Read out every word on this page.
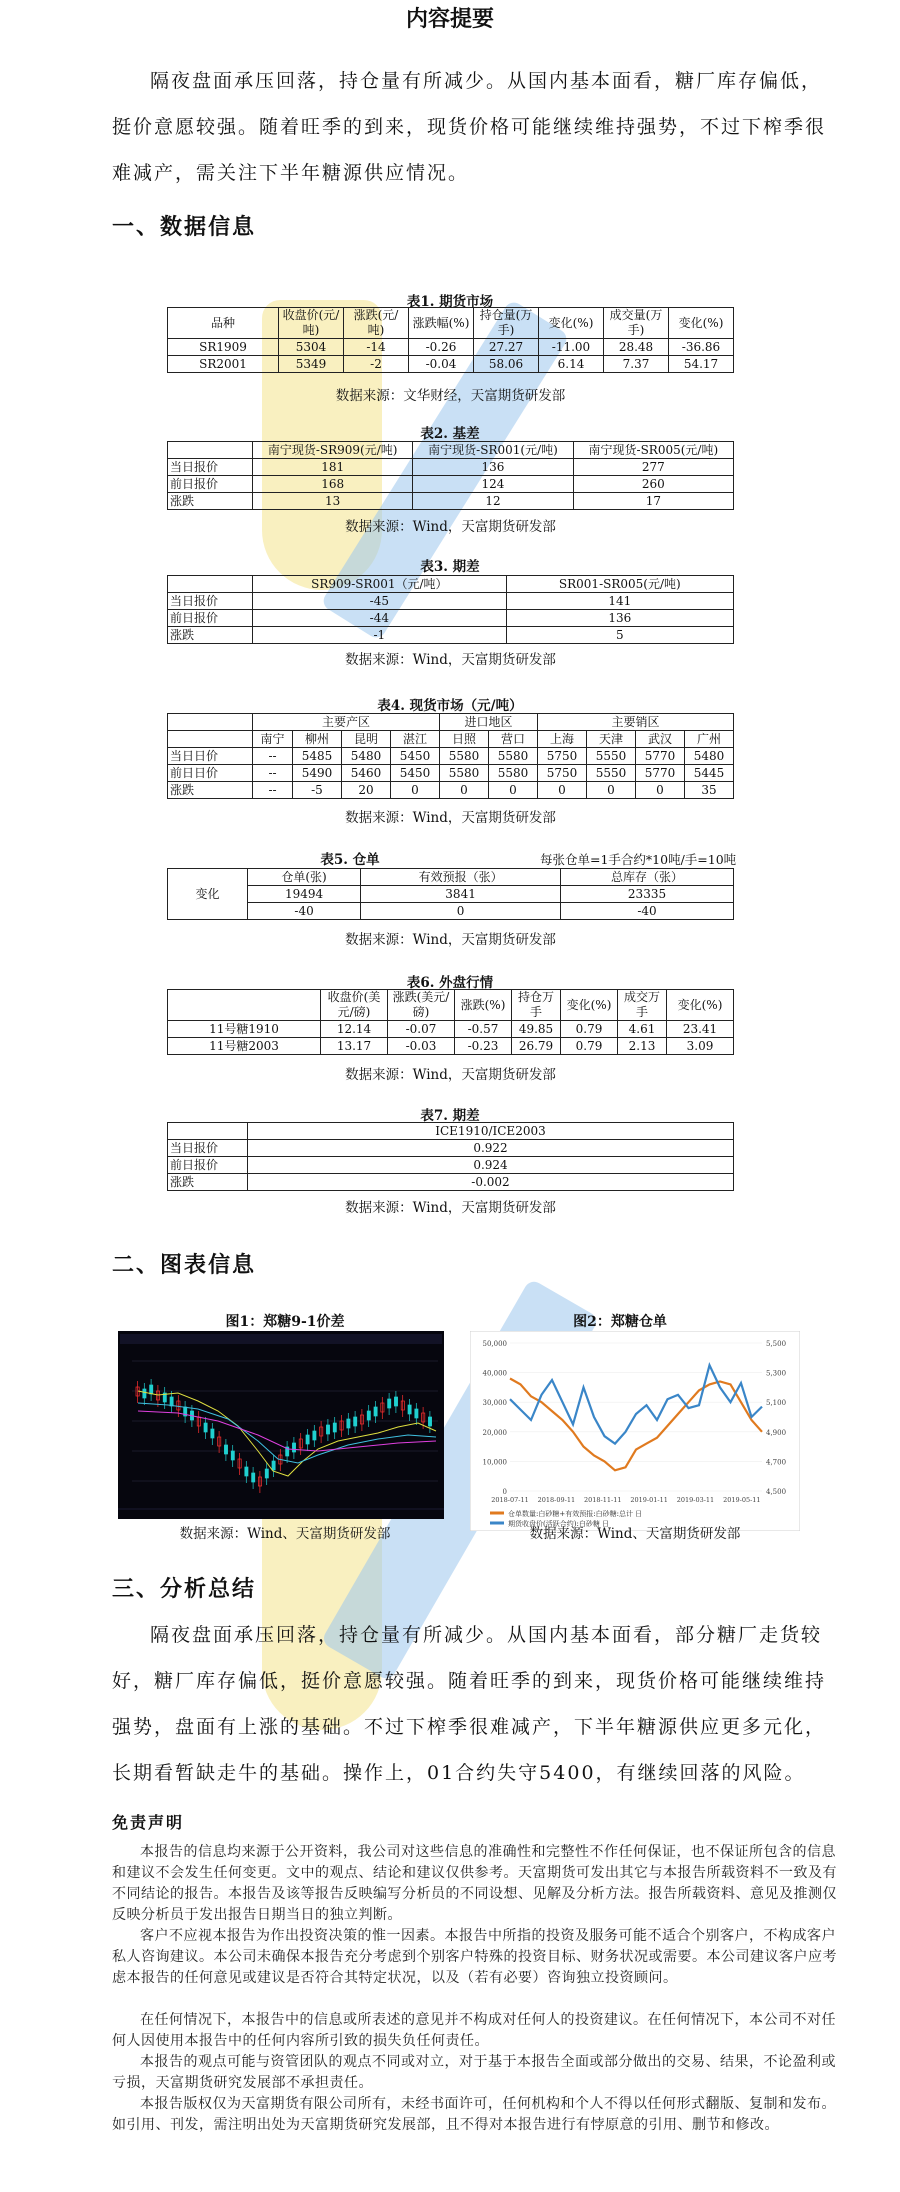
内容提要
隔夜盘面承压回落，持仓量有所减少。从国内基本面看，糖厂库存偏低，挺价意愿较强。随着旺季的到来，现货价格可能继续维持强势，不过下榨季很难减产，需关注下半年糖源供应情况。
一、数据信息
表1. 期货市场
品种	收盘价(元/吨)	涨跌(元/吨)	涨跌幅(%)	持仓量(万手)	变化(%)	成交量(万手)	变化(%)
SR1909	5304	-14	-0.26	27.27	-11.00	28.48	-36.86
SR2001	5349	-2	-0.04	58.06	6.14	7.37	54.17
数据来源：文华财经，天富期货研发部
表2. 基差
	南宁现货-SR909(元/吨)	南宁现货-SR001(元/吨)	南宁现货-SR005(元/吨)
当日报价	181	136	277
前日报价	168	124	260
涨跌	13	12	17
数据来源：Wind，天富期货研发部
表3. 期差
	SR909-SR001（元/吨）	SR001-SR005(元/吨)
当日报价	-45	141
前日报价	-44	136
涨跌	-1	5
数据来源：Wind，天富期货研发部
表4. 现货市场（元/吨）
	主要产区				进口地区		主要销区			
	南宁	柳州	昆明	湛江	日照	营口	上海	天津	武汉	广州
当日日价	--	5485	5480	5450	5580	5580	5750	5550	5770	5480
前日日价	--	5490	5460	5450	5580	5580	5750	5550	5770	5445
涨跌	--	-5	20	0	0	0	0	0	0	35
数据来源：Wind，天富期货研发部
表5. 仓单	每张仓单=1手合约*10吨/手=10吨
变化	仓单(张)	有效预报（张）	总库存（张）
	19494	3841	23335
	-40	0	-40
数据来源：Wind，天富期货研发部
表6. 外盘行情
	收盘价(美元/磅)	涨跌(美元/磅)	涨跌(%)	持仓万手	变化(%)	成交万手	变化(%)
11号糖1910	12.14	-0.07	-0.57	49.85	0.79	4.61	23.41
11号糖2003	13.17	-0.03	-0.23	26.79	0.79	2.13	3.09
数据来源：Wind，天富期货研发部
表7. 期差
	ICE1910/ICE2003
当日报价	0.922
前日报价	0.924
涨跌	-0.002
数据来源：Wind，天富期货研发部
二、图表信息
图1：郑糖9-1价差	图2：郑糖仓单
0
10,000
20,000
30,000
40,000
50,000
4,500
4,700
4,900
5,100
5,300
5,500
2018-07-11 2018-09-11 2018-11-11 2019-01-11 2019-03-11 2019-05-11
仓单数量:白砂糖+有效预报:白砂糖:总计 日
期货收盘价(活跃合约):白砂糖 日
数据来源：Wind、天富期货研发部	数据来源：Wind、天富期货研发部
三、分析总结
隔夜盘面承压回落，持仓量有所减少。从国内基本面看，部分糖厂走货较好，糖厂库存偏低，挺价意愿较强。随着旺季的到来，现货价格可能继续维持强势，盘面有上涨的基础。不过下榨季很难减产，下半年糖源供应更多元化，长期看暂缺走牛的基础。操作上，01合约失守5400，有继续回落的风险。
免责声明
本报告的信息均来源于公开资料，我公司对这些信息的准确性和完整性不作任何保证，也不保证所包含的信息和建议不会发生任何变更。文中的观点、结论和建议仅供参考。天富期货可发出其它与本报告所载资料不一致及有不同结论的报告。本报告及该等报告反映编写分析员的不同设想、见解及分析方法。报告所载资料、意见及推测仅反映分析员于发出报告日期当日的独立判断。
客户不应视本报告为作出投资决策的惟一因素。本报告中所指的投资及服务可能不适合个别客户，不构成客户私人咨询建议。本公司未确保本报告充分考虑到个别客户特殊的投资目标、财务状况或需要。本公司建议客户应考虑本报告的任何意见或建议是否符合其特定状况，以及（若有必要）咨询独立投资顾问。
在任何情况下，本报告中的信息或所表述的意见并不构成对任何人的投资建议。在任何情况下，本公司不对任何人因使用本报告中的任何内容所引致的损失负任何责任。
本报告的观点可能与资管团队的观点不同或对立，对于基于本报告全面或部分做出的交易、结果，不论盈利或亏损，天富期货研究发展部不承担责任。
本报告版权仅为天富期货有限公司所有，未经书面许可，任何机构和个人不得以任何形式翻版、复制和发布。如引用、刊发，需注明出处为天富期货研究发展部，且不得对本报告进行有悖原意的引用、删节和修改。
